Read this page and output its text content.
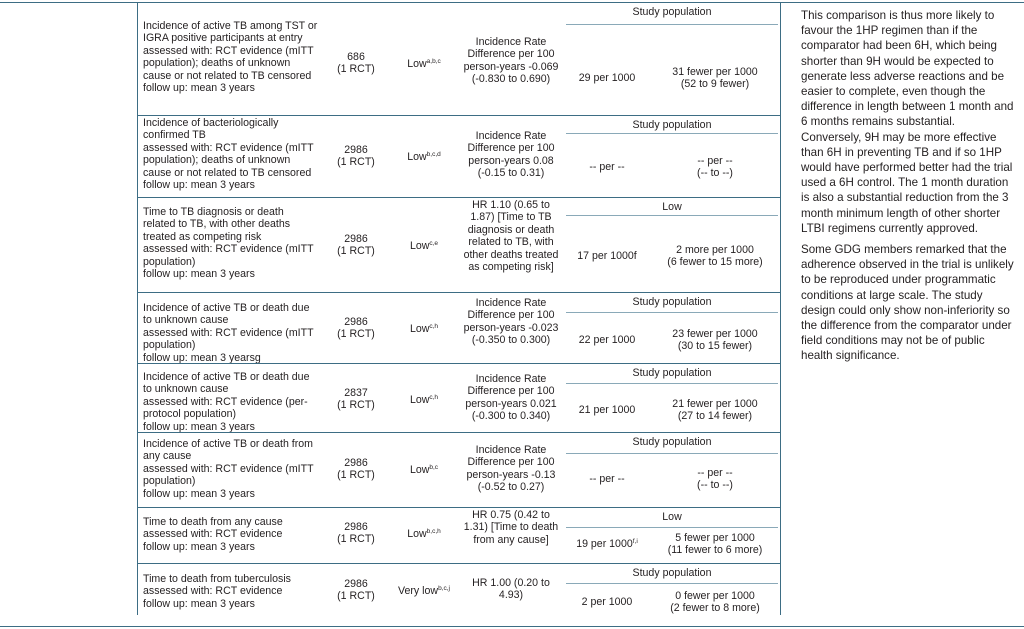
Incidence of active TB among TST or IGRA positive participants at entry
assessed with: RCT evidence (mITT population); deaths of unknown cause or not related to TB censored
follow up: mean 3 years
686
(1 RCT)	Low$^{a,b,c}$
Incidence Rate Difference per 100 person-years -0.069 (-0.830 to 0.690)
Study population
29 per 1000	31 fewer per 1000
(52 to 9 fewer)
Incidence of bacteriologically confirmed TB
assessed with: RCT evidence (mITT population); deaths of unknown cause or not related to TB censored
follow up: mean 3 years
2986
(1 RCT)	Low$^{b,c,d}$
Incidence Rate Difference per 100 person-years 0.08 (-0.15 to 0.31)
Study population
-- per --	-- per --
(-- to --)
Time to TB diagnosis or death related to TB, with other deaths treated as competing risk
assessed with: RCT evidence (mITT population)
follow up: mean 3 years
2986
(1 RCT)	Low$^{c,e}$
HR 1.10 (0.65 to 1.87) [Time to TB diagnosis or death related to TB, with other deaths treated as competing risk]
Low
17 per 1000f	2 more per 1000
(6 fewer to 15 more)
Incidence of active TB or death due to unknown cause
assessed with: RCT evidence (mITT population)
follow up: mean 3 yearsg
2986
(1 RCT)	Low$^{c,h}$
Incidence Rate Difference per 100 person-years -0.023 (-0.350 to 0.300)
Study population
22 per 1000	23 fewer per 1000
(30 to 15 fewer)
Incidence of active TB or death due to unknown cause
assessed with: RCT evidence (per-protocol population)
follow up: mean 3 years
2837
(1 RCT)	Low$^{c,h}$
Incidence Rate Difference per 100 person-years 0.021 (-0.300 to 0.340)
Study population
21 per 1000	21 fewer per 1000
(27 to 14 fewer)
Incidence of active TB or death from any cause
assessed with: RCT evidence (mITT population)
follow up: mean 3 years
2986
(1 RCT)	Low$^{b,c}$
Incidence Rate Difference per 100 person-years -0.13 (-0.52 to 0.27)
Study population
-- per --	-- per --
(-- to --)
Time to death from any cause
assessed with: RCT evidence
follow up: mean 3 years
2986
(1 RCT)	Low$^{b,c,h}$
HR 0.75 (0.42 to 1.31) [Time to death from any cause]
Low
19 per 1000$^{f,i}$	5 fewer per 1000
(11 fewer to 6 more)
Time to death from tuberculosis
assessed with: RCT evidence
follow up: mean 3 years
2986
(1 RCT)	Very low$^{b,c,j}$	HR 1.00 (0.20 to 4.93)
Study population
2 per 1000	0 fewer per 1000
(2 fewer to 8 more)

This comparison is thus more likely to favour the 1HP regimen than if the comparator had been 6H, which being shorter than 9H would be expected to generate less adverse reactions and be easier to complete, even though the difference in length between 1 month and 6 months remains substantial. Conversely, 9H may be more effective than 6H in preventing TB and if so 1HP would have performed better had the trial used a 6H control. The 1 month duration is also a substantial reduction from the 3 month minimum length of other shorter LTBI regimens currently approved.

Some GDG members remarked that the adherence observed in the trial is unlikely to be reproduced under programmatic conditions at large scale. The study design could only show non-inferiority so the difference from the comparator under field conditions may not be of public health significance.
